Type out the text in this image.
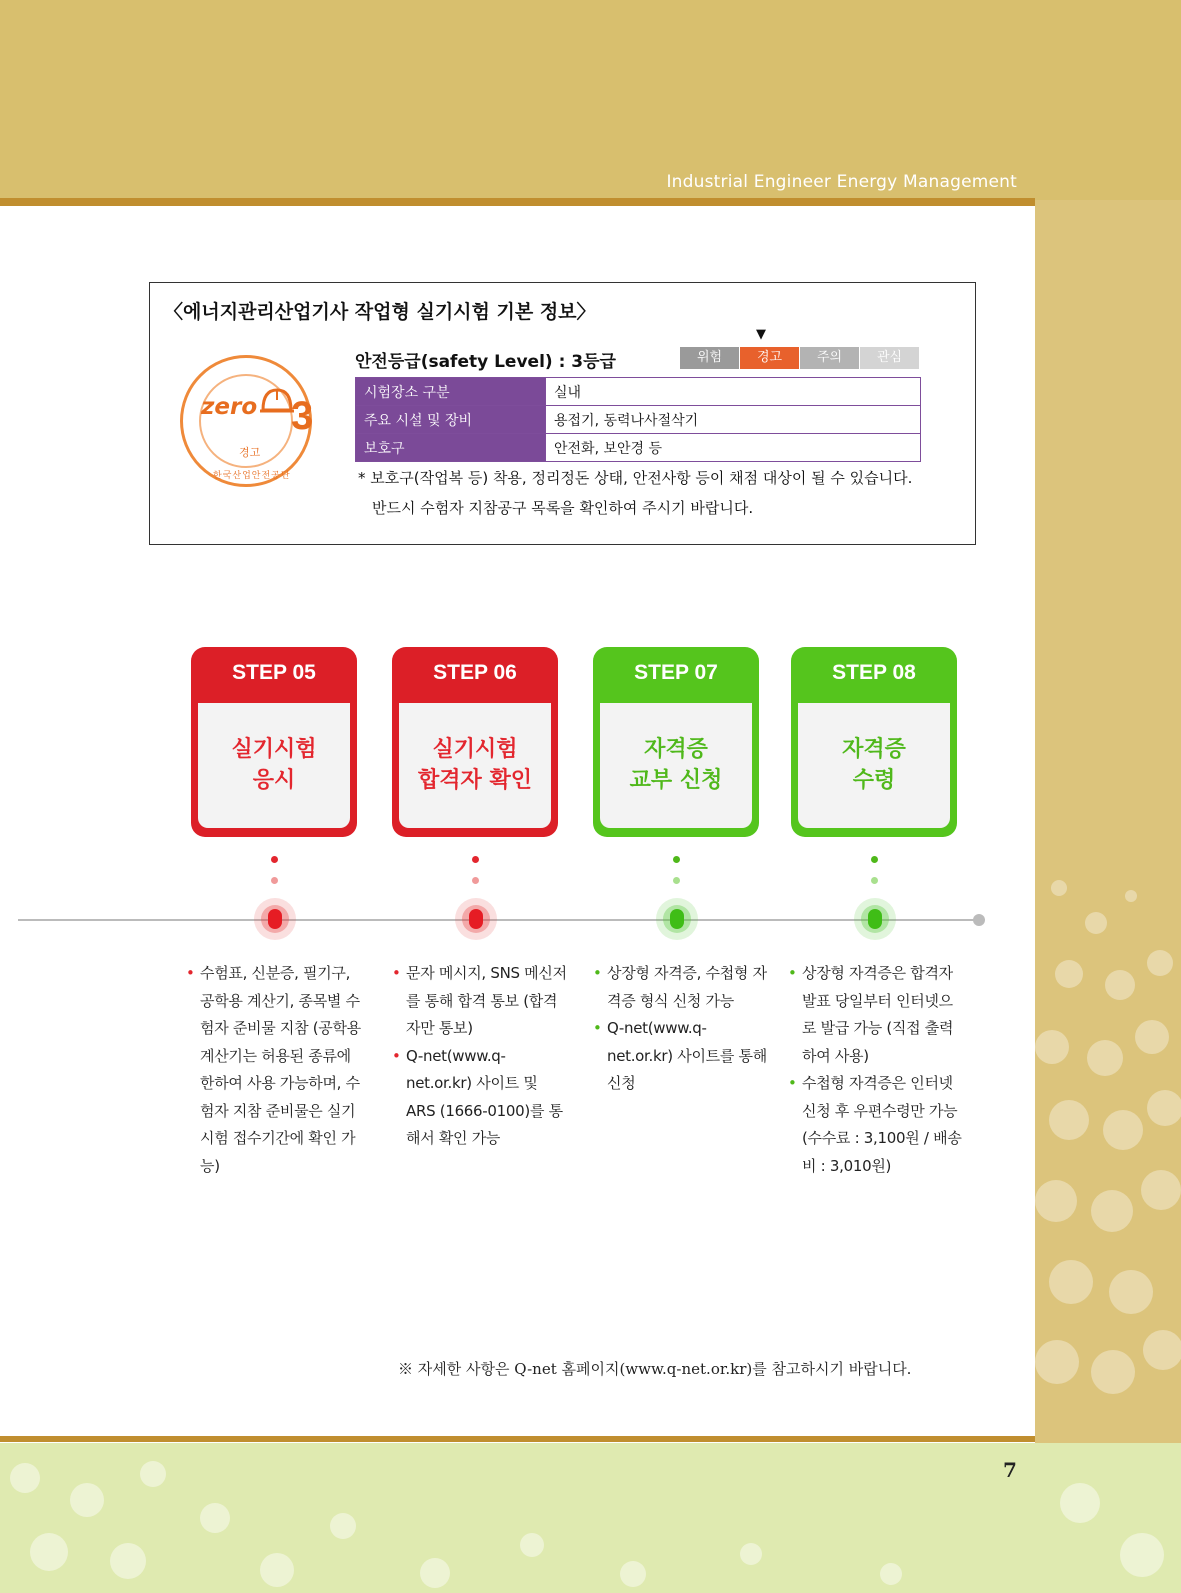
Industrial Engineer Energy Management
7
〈에너지관리산업기사 작업형 실기시험 기본 정보〉
zero 3
경고
한국산업안전공단
안전등급(safety Level) : 3등급
▼
위험	경고	주의	관심
시험장소 구분	실내
주요 시설 및 장비	용접기, 동력나사절삭기
보호구	안전화, 보안경 등
* 보호구(작업복 등) 착용, 정리정돈 상태, 안전사항 등이 채점 대상이 될 수 있습니다.
반드시 수험자 지참공구 목록을 확인하여 주시기 바랍니다.
STEP 05
실기시험
응시
STEP 06
실기시험
합격자 확인
STEP 07
자격증
교부 신청
STEP 08
자격증
수령
• 수험표, 신분증, 필기구, 공학용 계산기, 종목별 수험자 준비물 지참 (공학용 계산기는 허용된 종류에 한하여 사용 가능하며, 수험자 지참 준비물은 실기시험 접수기간에 확인 가능)
• 문자 메시지, SNS 메신저를 통해 합격 통보 (합격자만 통보)
• Q-net(www.q-net.or.kr) 사이트 및 ARS (1666-0100)를 통해서 확인 가능
• 상장형 자격증, 수첩형 자격증 형식 신청 가능
• Q-net(www.q-net.or.kr) 사이트를 통해 신청
• 상장형 자격증은 합격자 발표 당일부터 인터넷으로 발급 가능 (직접 출력하여 사용)
• 수첩형 자격증은 인터넷 신청 후 우편수령만 가능 (수수료 : 3,100원 / 배송비 : 3,010원)
※ 자세한 사항은 Q-net 홈페이지(www.q-net.or.kr)를 참고하시기 바랍니다.
